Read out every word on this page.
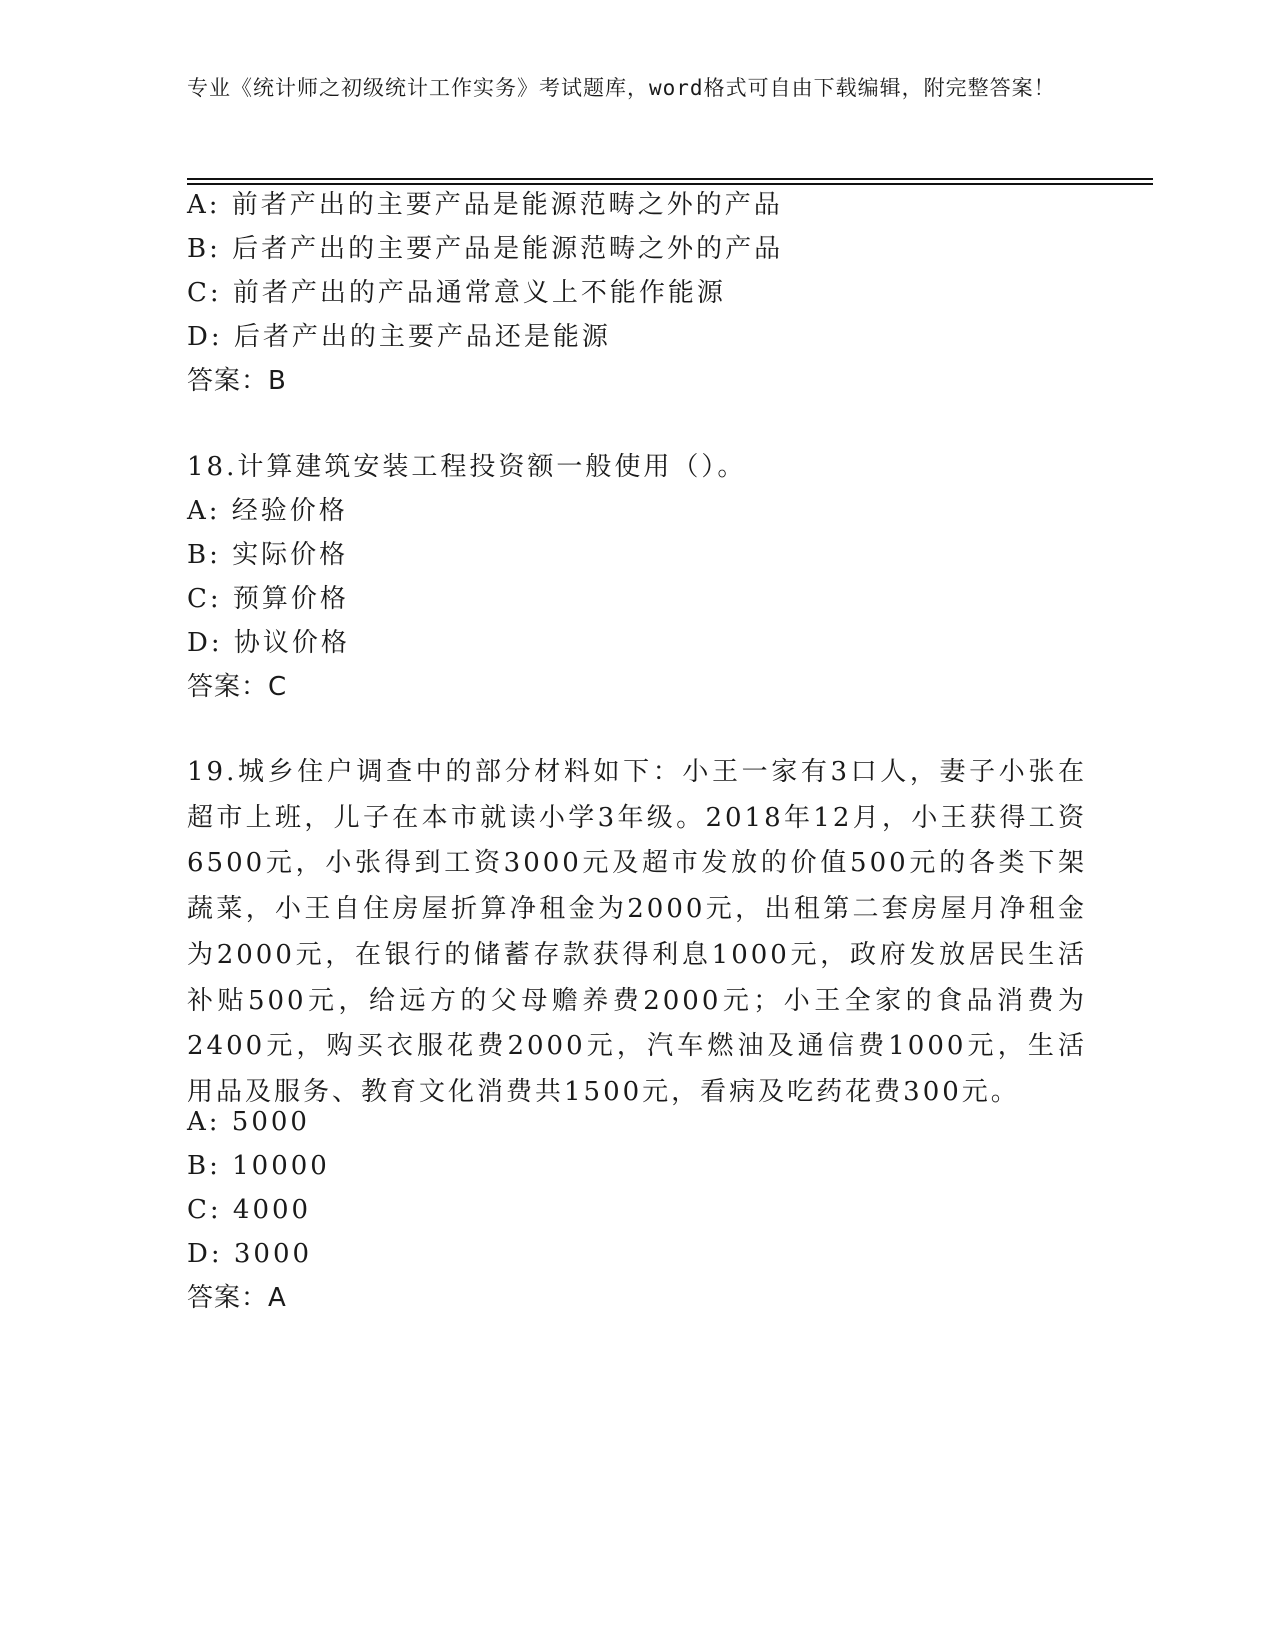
专业《统计师之初级统计工作实务》考试题库，word格式可自由下载编辑，附完整答案！
A: 前者产出的主要产品是能源范畴之外的产品
B: 后者产出的主要产品是能源范畴之外的产品
C: 前者产出的产品通常意义上不能作能源
D: 后者产出的主要产品还是能源
答案：B
18.计算建筑安装工程投资额一般使用（）。
A: 经验价格
B: 实际价格
C: 预算价格
D: 协议价格
答案：C
19.城乡住户调查中的部分材料如下：小王一家有3口人，妻子小张在超市上班，儿子在本市就读小学3年级。2018年12月，小王获得工资6500元，小张得到工资3000元及超市发放的价值500元的各类下架蔬菜，小王自住房屋折算净租金为2000元，出租第二套房屋月净租金为2000元，在银行的储蓄存款获得利息1000元，政府发放居民生活补贴500元，给远方的父母赡养费2000元；小王全家的食品消费为2400元，购买衣服花费2000元，汽车燃油及通信费1000元，生活用品及服务、教育文化消费共1500元，看病及吃药花费300元。
A: 5000
B: 10000
C: 4000
D: 3000
答案：A
